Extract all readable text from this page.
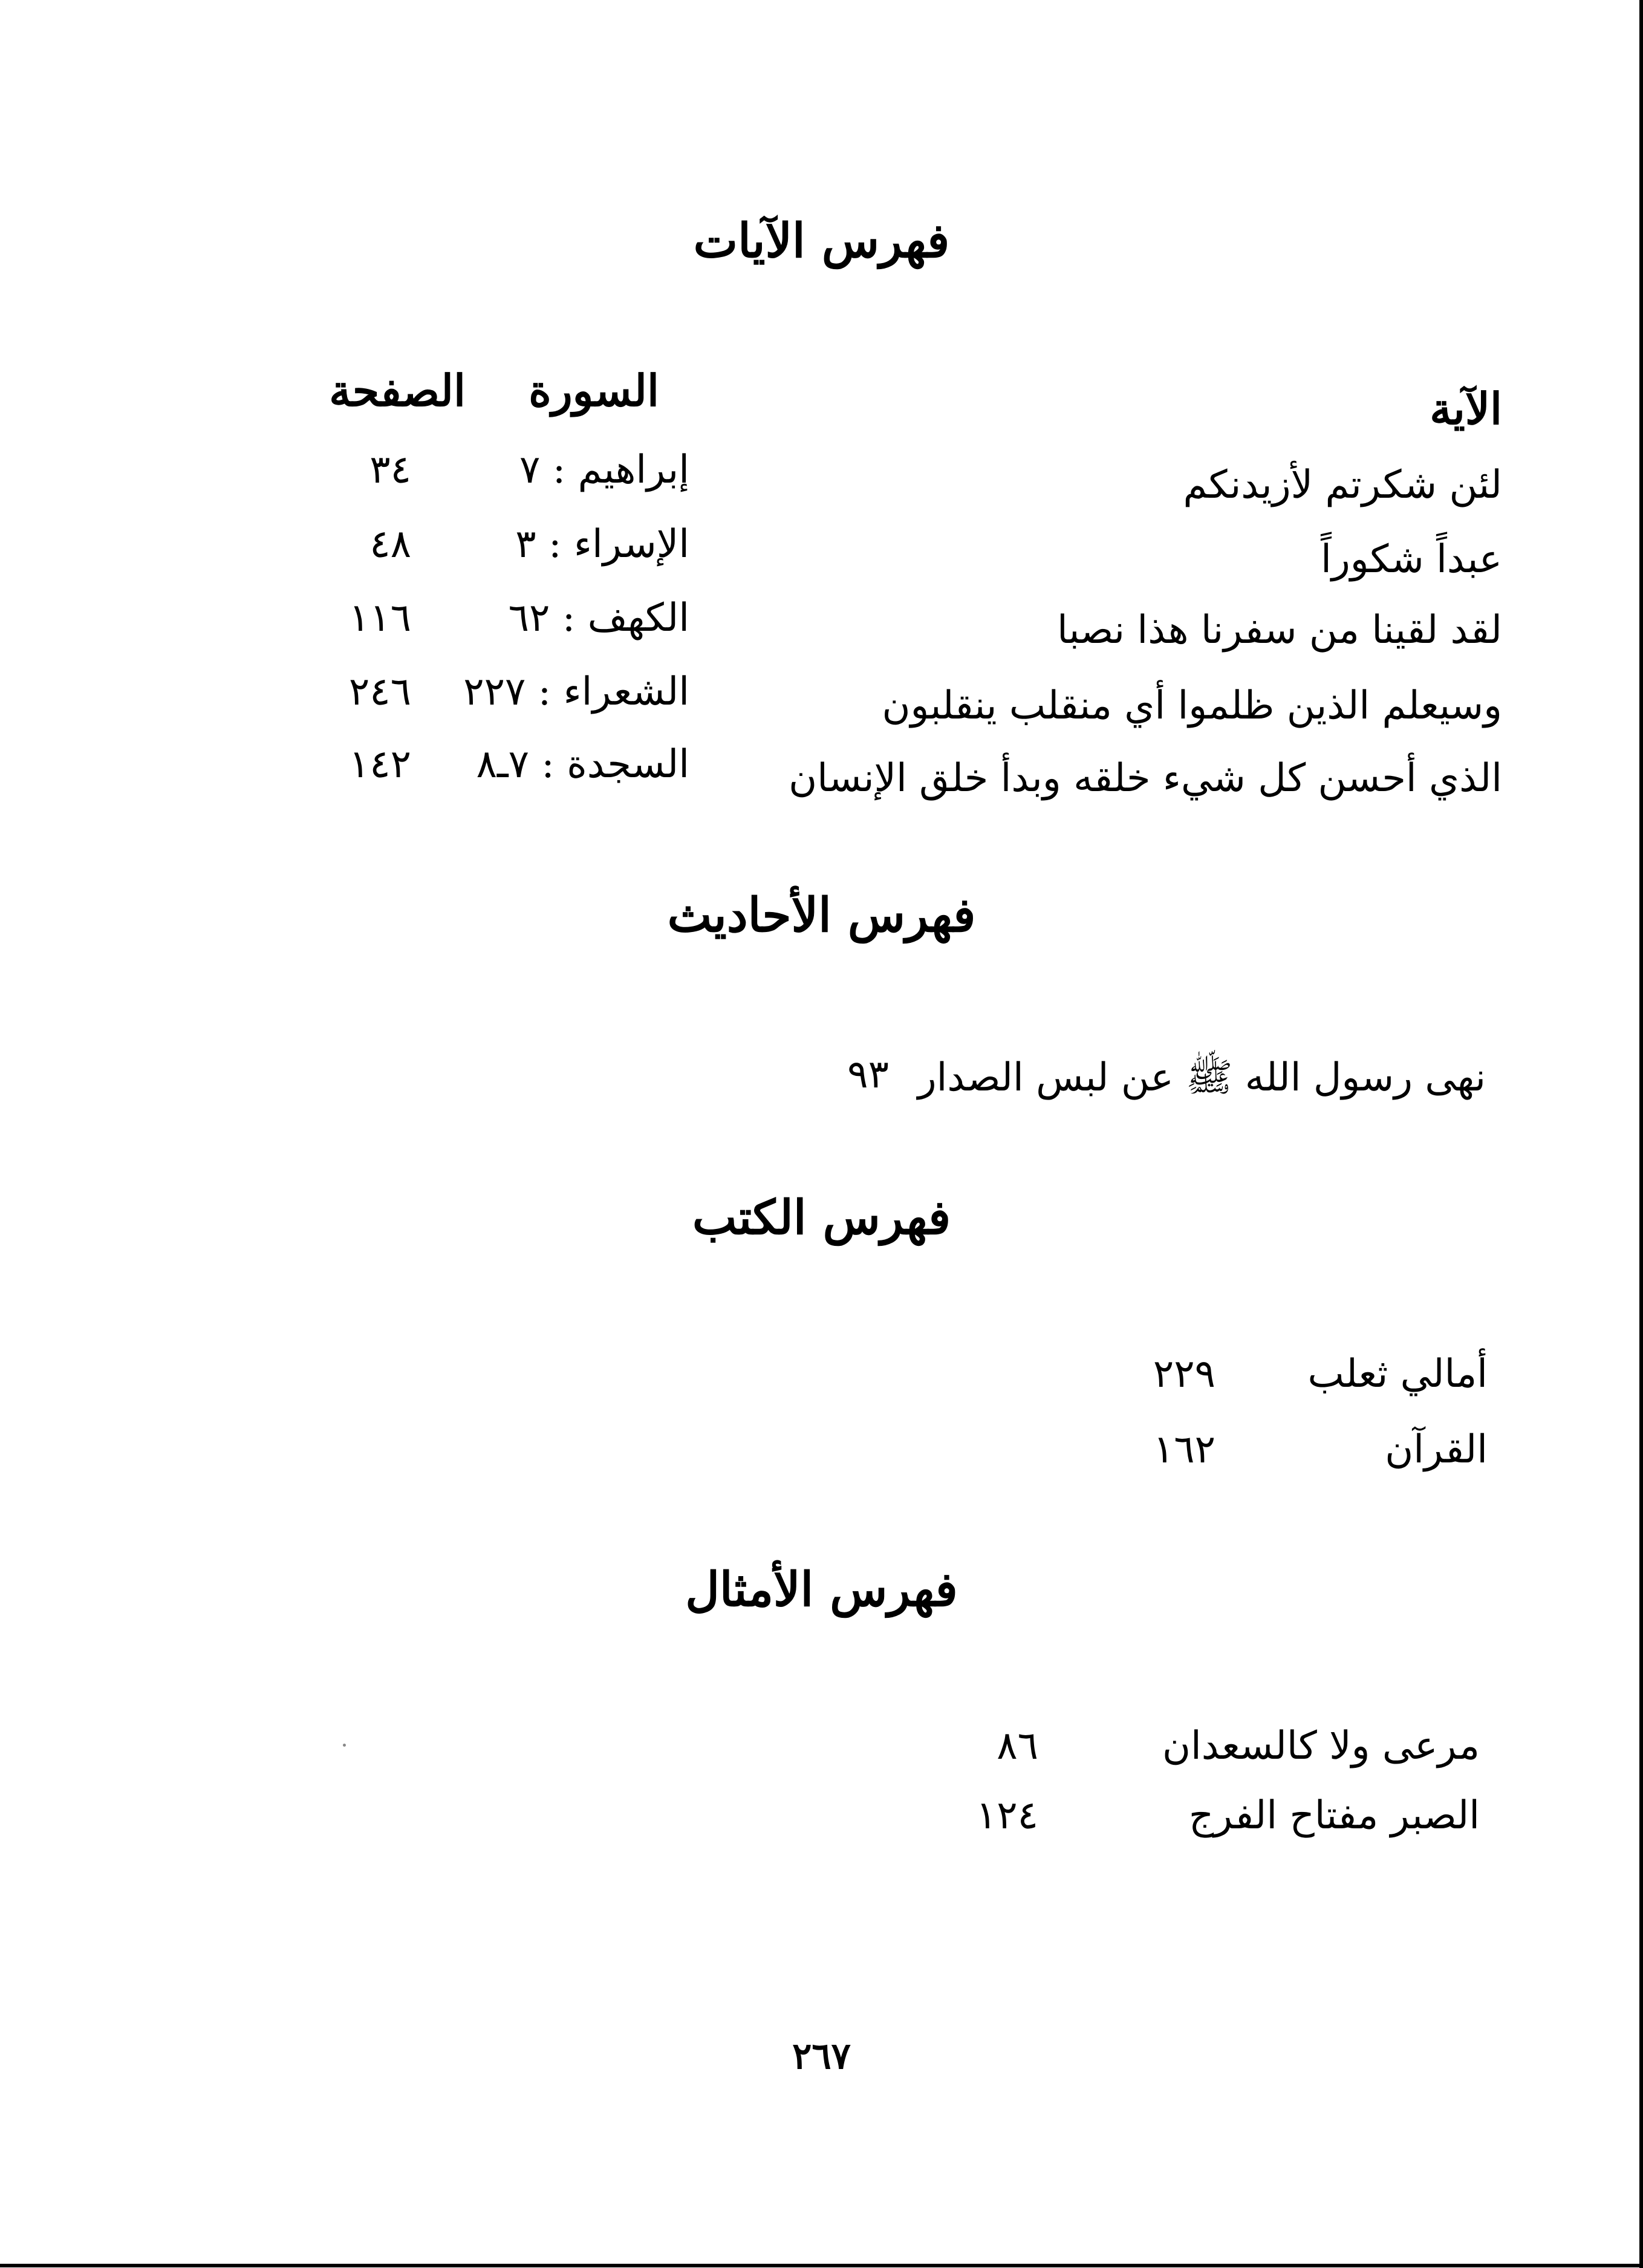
فهرس الآيات
الآية
السورة
الصفحة
لئن شكرتم لأزيدنكم
إبراهيم : ٧
٣٤
عبداً شكوراً
الإسراء : ٣
٤٨
لقد لقينا من سفرنا هذا نصبا
الكهف : ٦٢
١١٦
وسيعلم الذين ظلموا أي منقلب ينقلبون
الشعراء : ٢٢٧
٢٤٦
الذي أحسن كل شيء خلقه وبدأ خلق الإنسان
السجدة : ٧ـ٨
١٤٢
فهرس الأحاديث
نهى رسول الله ﷺ عن لبس الصدار
٩٣
فهرس الكتب
أمالي ثعلب
٢٢٩
القرآن
١٦٢
فهرس الأمثال
مرعى ولا كالسعدان
٨٦
الصبر مفتاح الفرج
١٢٤
٢٦٧
